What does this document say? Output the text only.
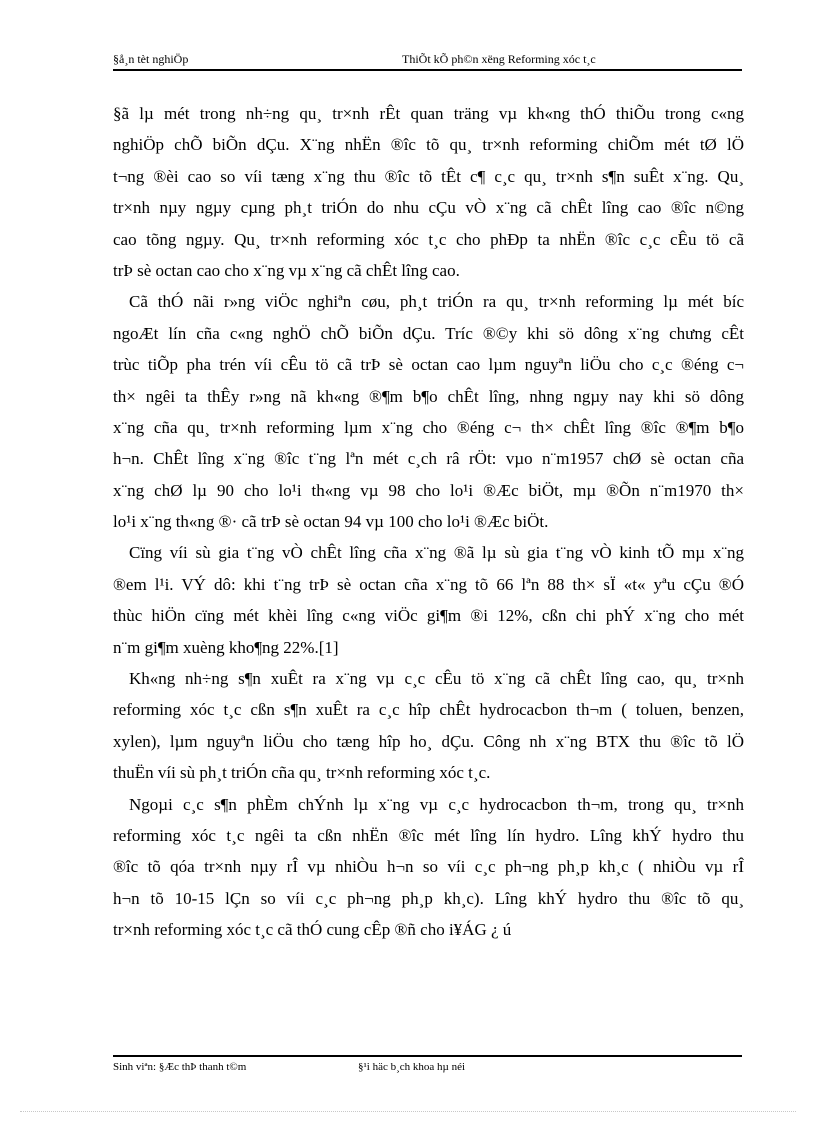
§å¸n tèt nghiÖp	ThiÕt kÕ ph©n xëng Reforming xóc t¸c
§ã lµ mét trong nh÷ng qu¸ tr×nh rÊt quan träng vµ kh«ng thÓ thiÕu trong c«ng
nghiÖp chÕ biÕn dÇu. X¨ng nhËn ®îc tõ qu¸ tr×nh reforming chiÕm mét tØ lÖ
t¬ng ®èi cao so víi tæng x¨ng thu ®îc tõ tÊt c¶ c¸c qu¸ tr×nh s¶n suÊt x¨ng. Qu¸
tr×nh nµy ngµy cµng ph¸t triÓn do nhu cÇu vÒ x¨ng cã chÊt lîng cao ®îc n©ng
cao tõng ngµy. Qu¸ tr×nh reforming xóc t¸c cho phÐp ta nhËn ®îc c¸c cÊu tö cã
trÞ sè octan cao cho x¨ng vµ x¨ng cã chÊt lîng cao.
Cã thÓ nãi r»ng viÖc nghiªn cøu, ph¸t triÓn ra qu¸ tr×nh reforming lµ mét bíc
ngoÆt lín cña c«ng nghÖ chÕ biÕn dÇu. Tríc ®©y khi sö dông x¨ng chưng cÊt
trùc tiÕp pha trén víi cÊu tö cã trÞ sè octan cao lµm nguyªn liÖu cho c¸c ®éng c¬
th× ngêi ta thÊy r»ng nã kh«ng ®¶m b¶o chÊt lîng, nhng ngµy nay khi sö dông
x¨ng cña qu¸ tr×nh reforming lµm x¨ng cho ®éng c¬ th× chÊt lîng ®îc ®¶m b¶o
h¬n. ChÊt lîng x¨ng ®îc t¨ng lªn mét c¸ch râ rÖt: vµo n¨m1957 chØ sè octan cña
x¨ng chØ lµ 90 cho lo¹i th«ng vµ 98 cho lo¹i ®Æc biÖt, mµ ®Õn n¨m1970 th×
lo¹i x¨ng th«ng ®· cã trÞ sè octan 94 vµ 100 cho lo¹i ®Æc biÖt.
Cïng víi sù gia t¨ng vÒ chÊt lîng cña x¨ng ®ã lµ sù gia t¨ng vÒ kinh tÕ mµ x¨ng
®em l¹i. VÝ dô: khi t¨ng trÞ sè octan cña x¨ng tõ 66 lªn 88 th× sÏ «t« yªu cÇu ®Ó
thùc hiÖn cïng mét khèi lîng c«ng viÖc gi¶m ®i 12%, cßn chi phÝ x¨ng cho mét
n¨m gi¶m xuèng kho¶ng 22%.[1]
Kh«ng nh÷ng s¶n xuÊt ra x¨ng vµ c¸c cÊu tö x¨ng cã chÊt lîng cao, qu¸ tr×nh
reforming xóc t¸c cßn s¶n xuÊt ra c¸c hîp chÊt hydrocacbon th¬m ( toluen, benzen,
xylen), lµm nguyªn liÖu cho tæng hîp ho¸ dÇu. Công nh x¨ng BTX thu ®îc tõ lÖ
thuËn víi sù ph¸t triÓn cña qu¸ tr×nh reforming xóc t¸c.
Ngoµi c¸c s¶n phÈm chÝnh lµ x¨ng vµ c¸c hydrocacbon th¬m, trong qu¸ tr×nh
reforming xóc t¸c ngêi ta cßn nhËn ®îc mét lîng lín hydro. Lîng khÝ hydro thu
®îc tõ qóa tr×nh nµy rÎ vµ nhiÒu h¬n so víi c¸c ph¬ng ph¸p kh¸c ( nhiÒu vµ rÎ
h¬n tõ 10-15 lÇn so víi c¸c ph¬ng ph¸p kh¸c). Lîng khÝ hydro thu ®îc tõ qu¸
tr×nh reforming xóc t¸c cã thÓ cung cÊp ®ñ cho i¥ÁG ¿ ú
Sinh viªn: §Æc thÞ thanh t©m	§¹i häc b¸ch khoa hµ néi
